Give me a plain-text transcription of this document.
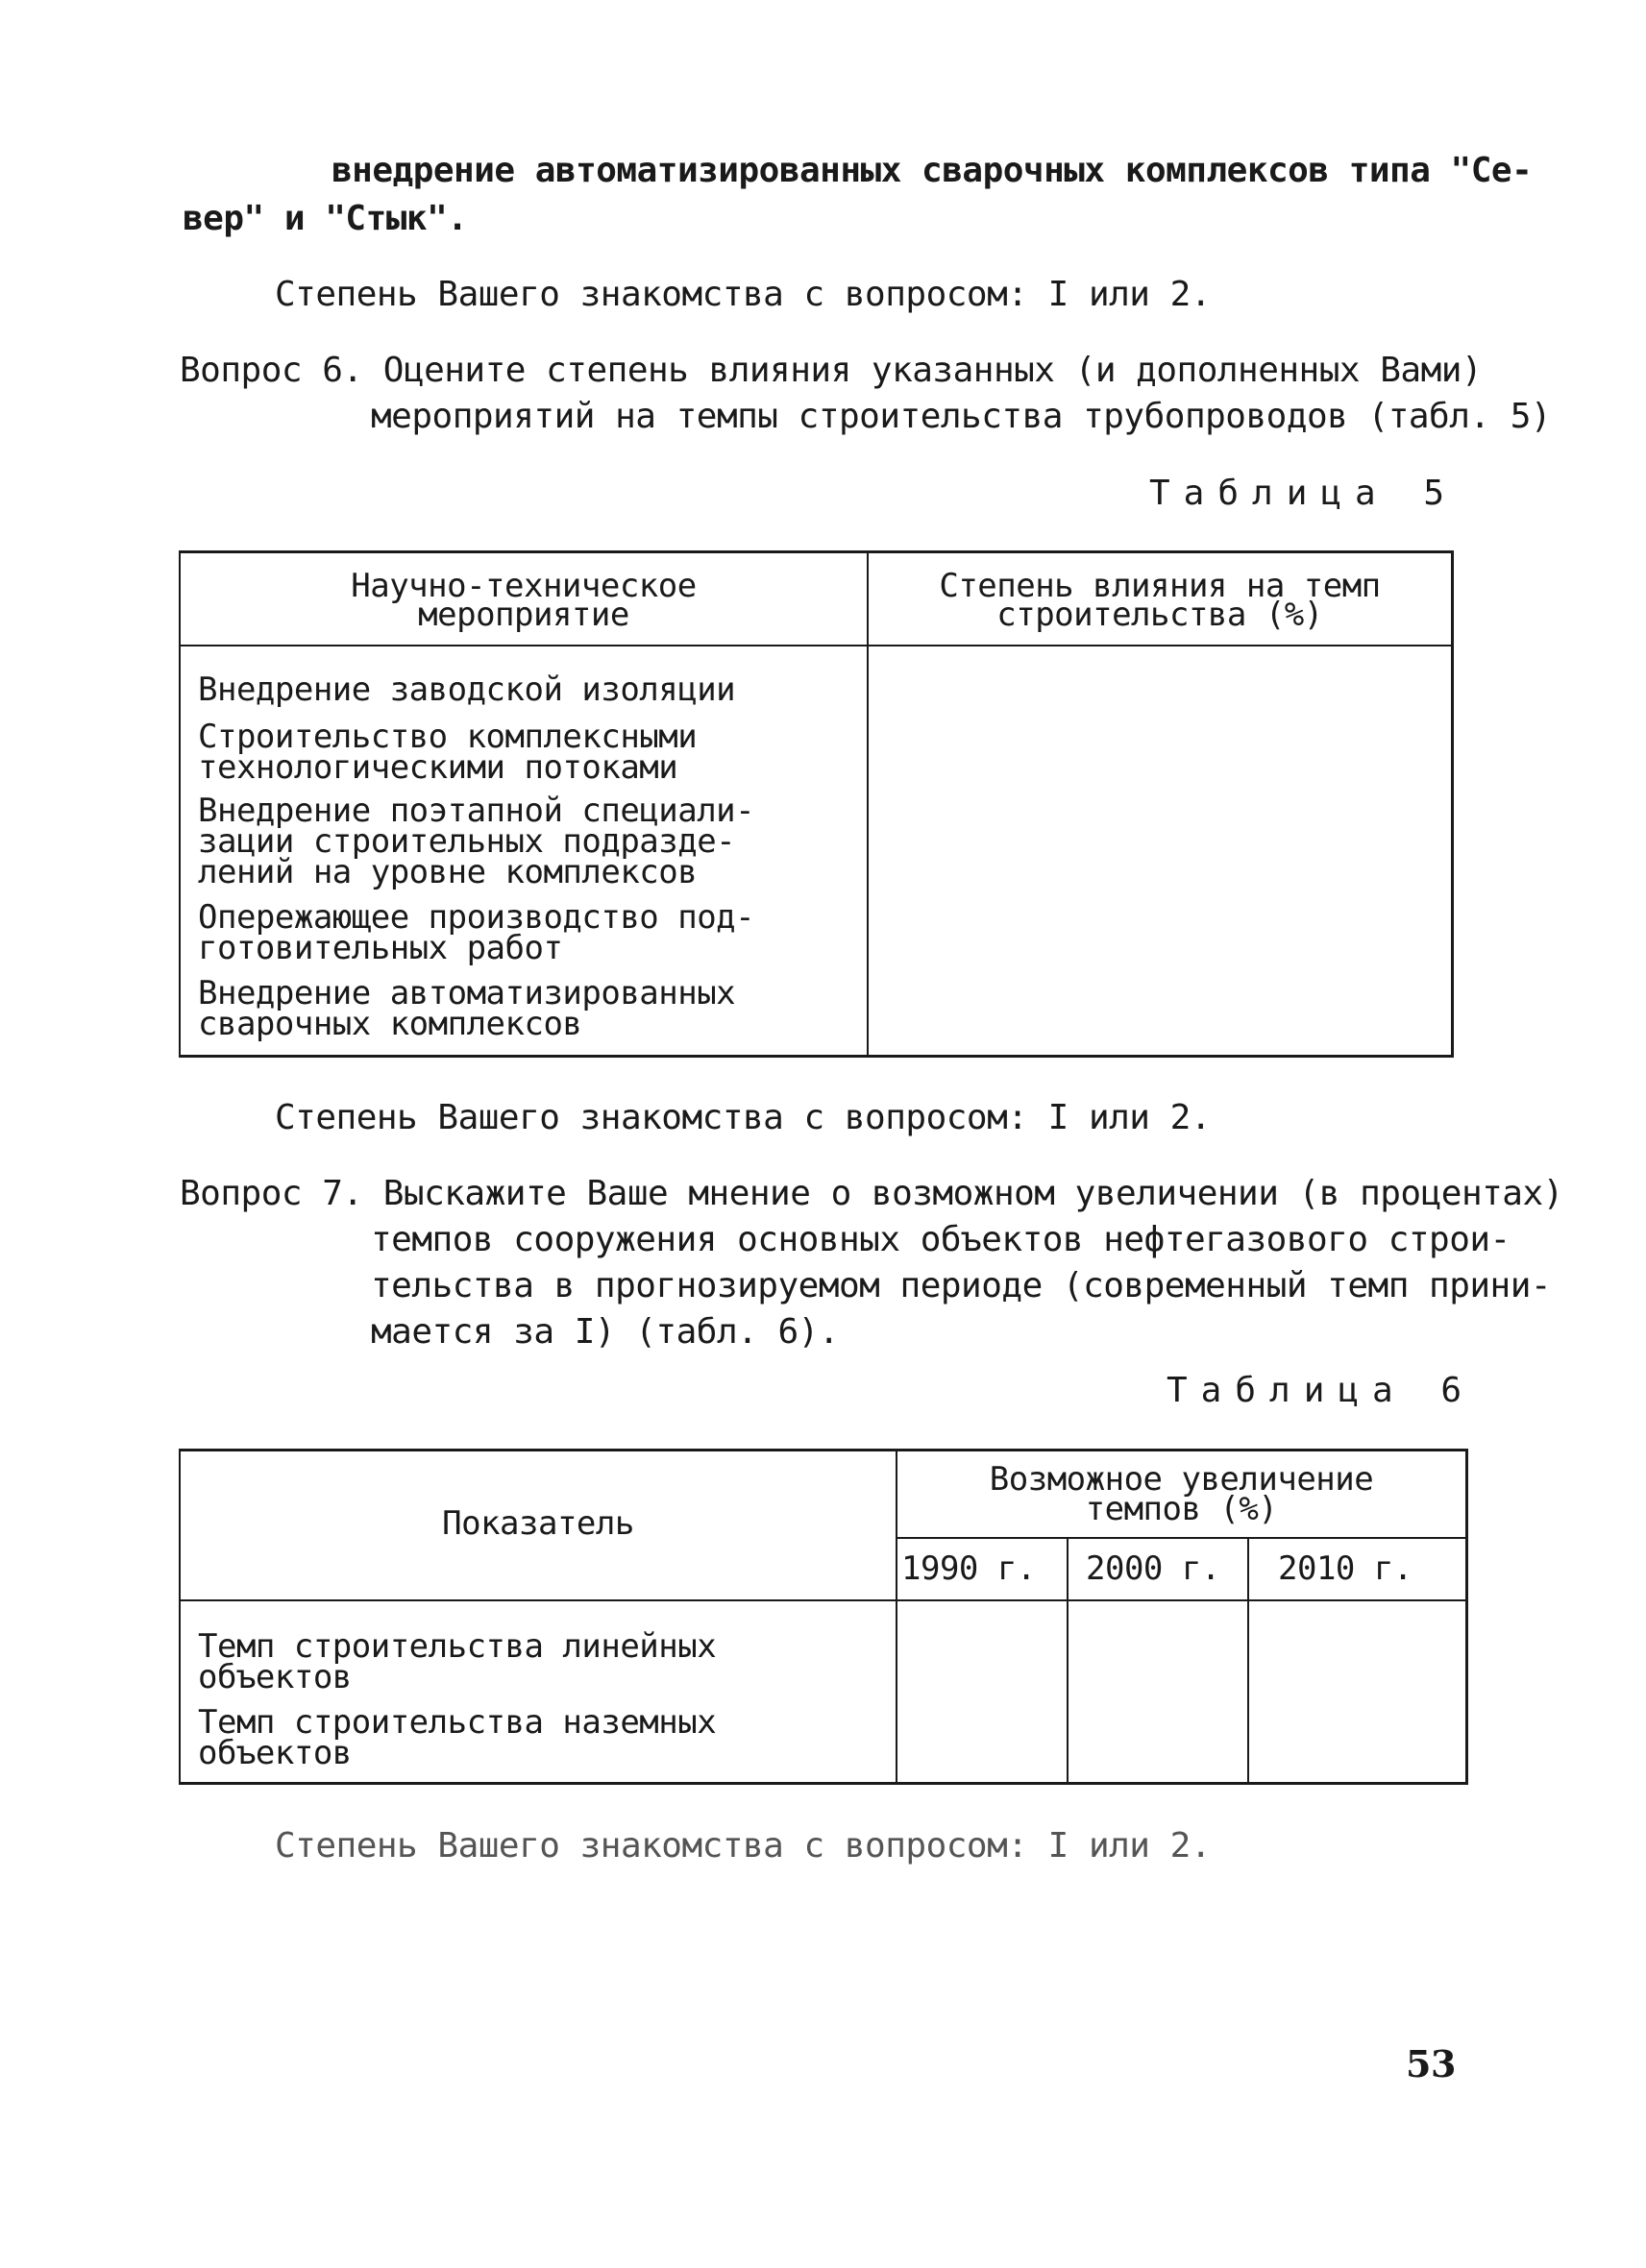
внедрение автоматизированных сварочных комплексов типа "Се-
вер" и "Стык".
Степень Вашего знакомства с вопросом: I или 2.
Вопрос 6. Оцените степень влияния указанных (и дополненных Вами)
мероприятий на темпы строительства трубопроводов (табл. 5)
Таблица 5
Научно-техническое
мероприятие
Степень влияния на темп
строительства (%)
Внедрение заводской изоляции
Строительство комплексными
технологическими потоками
Внедрение поэтапной специали-
зации строительных подразде-
лений на уровне комплексов
Опережающее производство под-
готовительных работ
Внедрение автоматизированных
сварочных комплексов
Степень Вашего знакомства с вопросом: I или 2.
Вопрос 7. Выскажите Ваше мнение о возможном увеличении (в процентах)
темпов сооружения основных объектов нефтегазового строи-
тельства в прогнозируемом периоде (современный темп прини-
мается за I) (табл. 6).
Таблица 6
Показатель
Возможное увеличение
темпов (%)
1990 г. 2000 г. 2010 г.
Темп строительства линейных
объектов
Темп строительства наземных
объектов
Степень Вашего знакомства с вопросом: I или 2.
53
